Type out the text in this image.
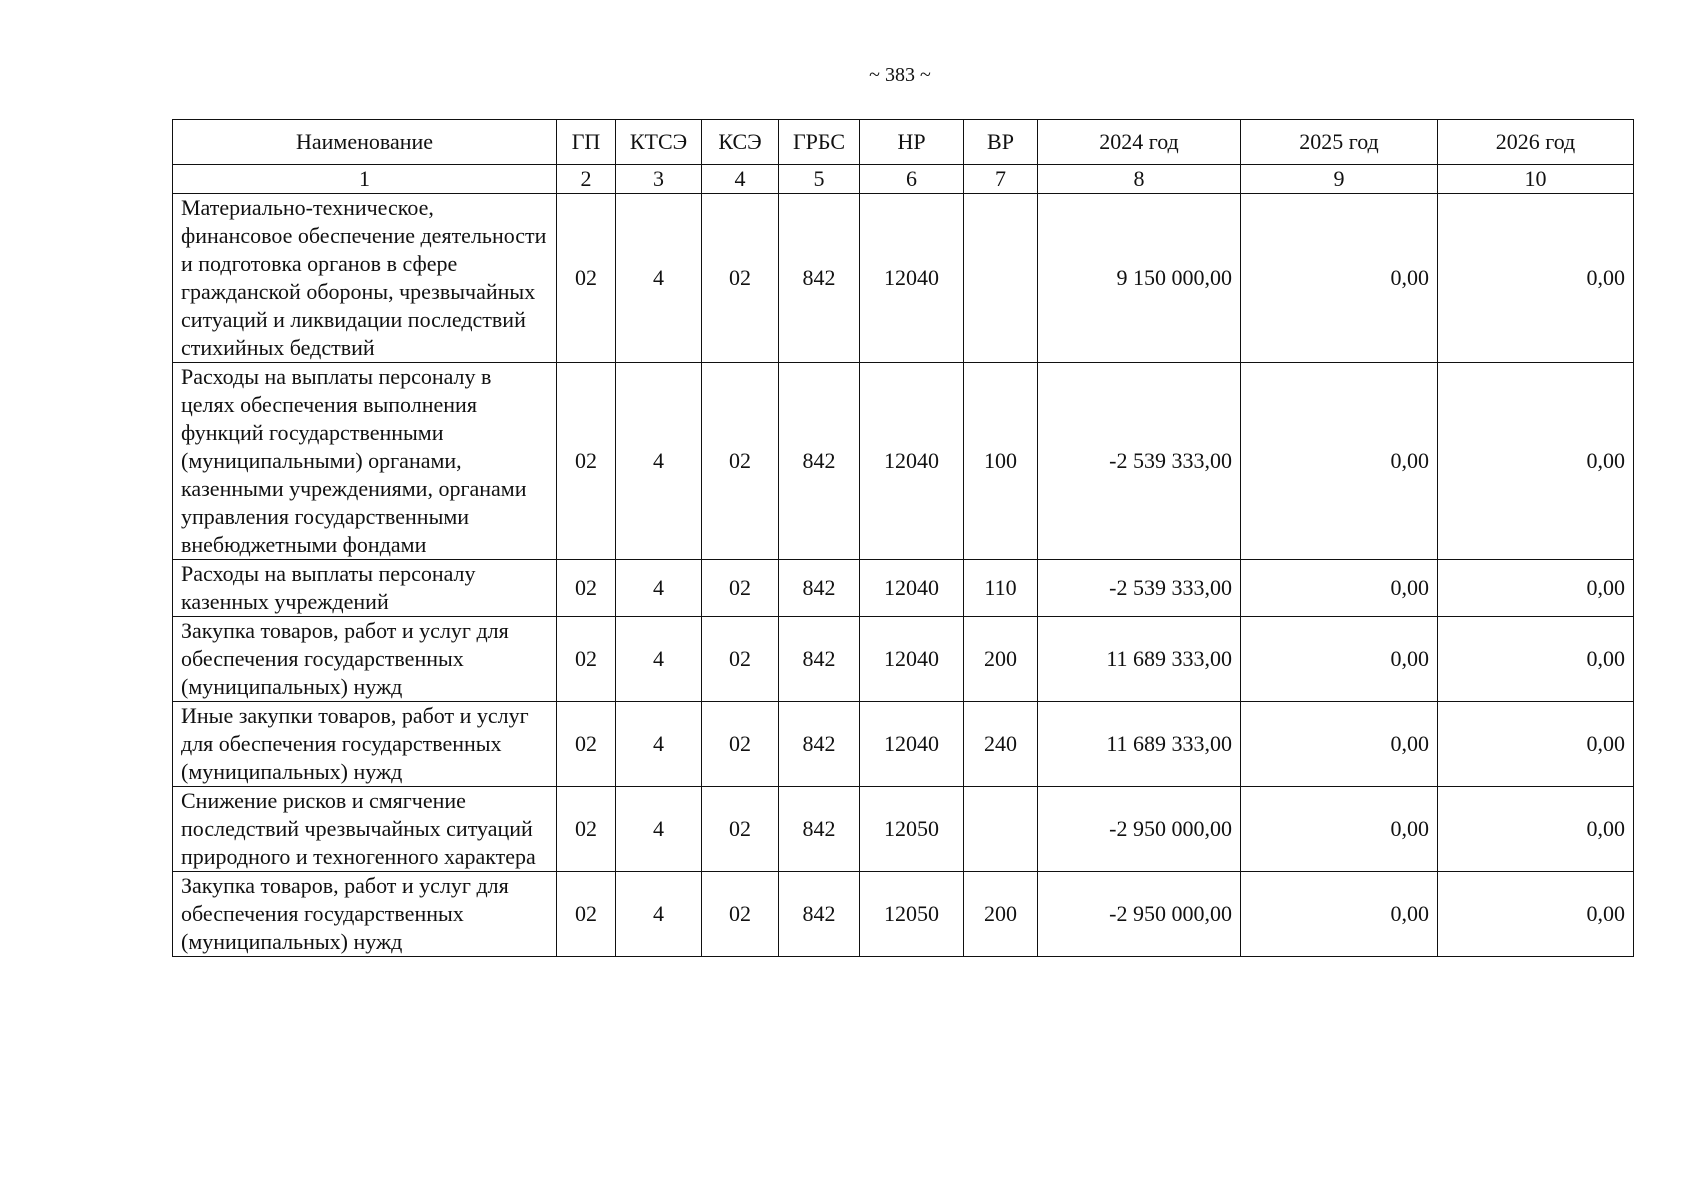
~ 383 ~
Наименование	ГП	КТСЭ	КСЭ	ГРБС	НР	ВР	2024 год	2025 год	2026 год
1	2	3	4	5	6	7	8	9	10
Материально-техническое, финансовое обеспечение деятельности и подготовка органов в сфере гражданской обороны, чрезвычайных ситуаций и ликвидации последствий стихийных бедствий	02	4	02	842	12040		9 150 000,00	0,00	0,00
Расходы на выплаты персоналу в целях обеспечения выполнения функций государственными (муниципальными) органами, казенными учреждениями, органами управления государственными внебюджетными фондами	02	4	02	842	12040	100	-2 539 333,00	0,00	0,00
Расходы на выплаты персоналу казенных учреждений	02	4	02	842	12040	110	-2 539 333,00	0,00	0,00
Закупка товаров, работ и услуг для обеспечения государственных (муниципальных) нужд	02	4	02	842	12040	200	11 689 333,00	0,00	0,00
Иные закупки товаров, работ и услуг для обеспечения государственных (муниципальных) нужд	02	4	02	842	12040	240	11 689 333,00	0,00	0,00
Снижение рисков и смягчение последствий чрезвычайных ситуаций природного и техногенного характера	02	4	02	842	12050		-2 950 000,00	0,00	0,00
Закупка товаров, работ и услуг для обеспечения государственных (муниципальных) нужд	02	4	02	842	12050	200	-2 950 000,00	0,00	0,00
